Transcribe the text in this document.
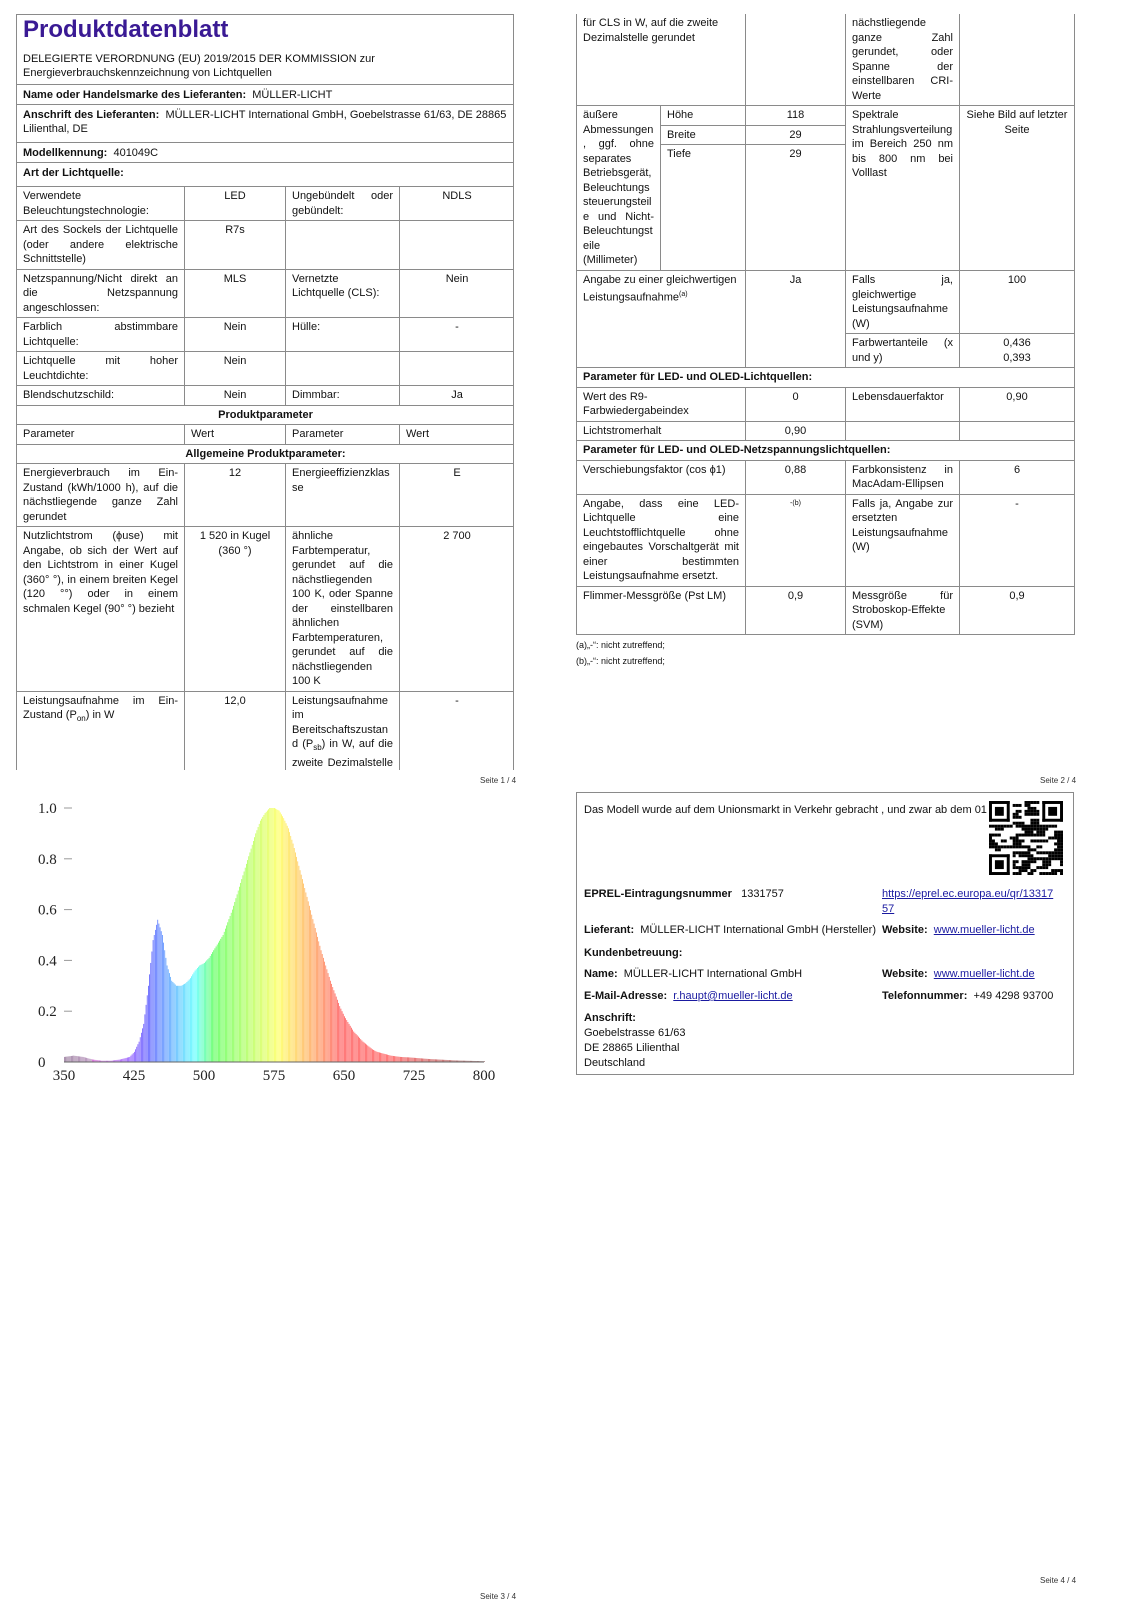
Produktdatenblatt
DELEGIERTE VERORDNUNG (EU) 2019/2015 DER KOMMISSION zur Energieverbrauchskennzeichnung von Lichtquellen
Name oder Handelsmarke des Lieferanten: MÜLLER-LICHT
Anschrift des Lieferanten: MÜLLER-LICHT International GmbH, Goebelstrasse 61/63, DE 28865 Lilienthal, DE
Modellkennung: 401049C
Art der Lichtquelle:
Verwendete Beleuchtungstechnologie:	LED	Ungebündelt oder gebündelt:	NDLS
Art des Sockels der Lichtquelle (oder andere elektrische Schnittstelle)	R7s		
Netzspannung/Nicht direkt an die Netzspannung angeschlossen:	MLS	Vernetzte Lichtquelle (CLS):	Nein
Farblich abstimmbare Lichtquelle:	Nein	Hülle:	-
Lichtquelle mit hoher Leuchtdichte:	Nein		
Blendschutzschild:	Nein	Dimmbar:	Ja
Produktparameter			
Parameter	Wert	Parameter	Wert
Allgemeine Produktparameter:			
Energieverbrauch im Ein-Zustand (kWh/1000 h), auf die nächstliegende ganze Zahl gerundet	12	Energieeffizienzklasse	E
Nutzlichtstrom (ϕuse) mit Angabe, ob sich der Wert auf den Lichtstrom in einer Kugel (360° °), in einem breiten Kegel (120 °°) oder in einem schmalen Kegel (90° °) bezieht	1 520 in Kugel (360 °)	ähnliche Farbtemperatur, gerundet auf die nächstliegenden 100 K, oder Spanne der einstellbaren ähnlichen Farbtemperaturen, gerundet auf die nächstliegenden 100 K	2 700
Leistungsaufnahme im Ein-Zustand $(P_{on})$ in W	12,0	Leistungsaufnahme im Bereitschaftszustand $(P_{sb})$ in W, auf die zweite Dezimalstelle	-

Seite 1 / 4
für CLS in W, auf die zweite Dezimalstelle gerundet			nächstliegende ganze Zahl gerundet, oder Spanne der einstellbaren CRI-Werte	
äußere Abmessungen, ggf. ohne separates Betriebsgerät, Beleuchtungssteuerungsteile und Nicht-Beleuchtungsteile (Millimeter)	Höhe	118	Spektrale Strahlungsverteilung im Bereich 250 nm bis 800 nm bei Volllast	Siehe Bild auf letzter Seite
	Breite	29		
	Tiefe	29		
Angabe zu einer gleichwertigen Leistungsaufnahme$^{(a)}$		Ja	Falls ja, gleichwertige Leistungsaufnahme (W)	100
			Farbwertanteile (x und y)	0,436
0,393

Parameter für LED- und OLED-Lichtquellen:				
Wert des R9-Farbwiedergabeindex		0	Lebensdauerfaktor	0,90
Lichtstromerhalt		0,90		
Parameter für LED- und OLED-Netzspannungslichtquellen:				
Verschiebungsfaktor (cos ϕ1)		0,88	Farbkonsistenz in MacAdam-Ellipsen	6
Angabe, dass eine LED-Lichtquelle eine Leuchtstofflichtquelle ohne eingebautes Vorschaltgerät mit einer bestimmten Leistungsaufnahme ersetzt.		-(b)	Falls ja, Angabe zur ersetzten Leistungsaufnahme (W)	-
Flimmer-Messgröße (Pst LM)		0,9	Messgröße für Stroboskop-Effekte (SVM)	0,9
(a)„-“: nicht zutreffend;
(b)„-“: nicht zutreffend;
Seite 2 / 4
0
0.2
0.4
0.6
0.8
1.0
350	425	500	575	650	725	800
Seite 3 / 4
Das Modell wurde auf dem Unionsmarkt in Verkehr gebracht , und zwar ab dem 01
EPREL-Eintragungsnummer 1331757	https://eprel.ec.europa.eu/qr/1331757
Lieferant: MÜLLER-LICHT International GmbH (Hersteller) Website: www.mueller-licht.de
Kundenbetreuung:
Name: MÜLLER-LICHT International GmbH	Website: www.mueller-licht.de
E-Mail-Adresse: r.haupt@mueller-licht.de	Telefonnummer: +49 4298 93700
Anschrift:
Goebelstrasse 61/63
DE 28865 Lilienthal
Deutschland
Seite 4 / 4
